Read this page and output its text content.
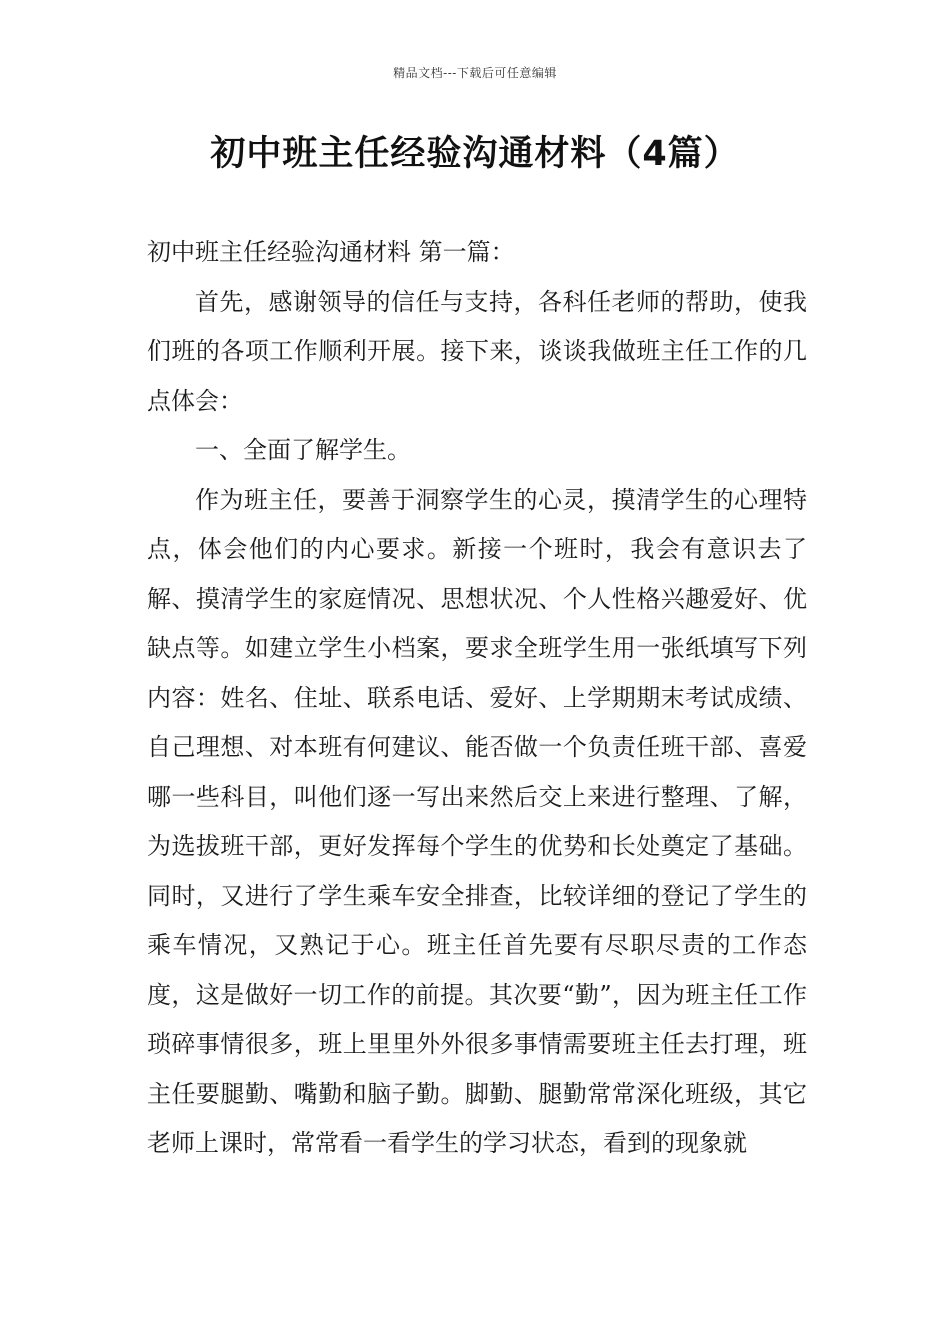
精品文档---下载后可任意编辑
初中班主任经验沟通材料（4篇）

初中班主任经验沟通材料 第一篇：

首先，感谢领导的信任与支持，各科任老师的帮助，使我们班的各项工作顺利开展。接下来，谈谈我做班主任工作的几点体会：

一、全面了解学生。

作为班主任，要善于洞察学生的心灵，摸清学生的心理特点，体会他们的内心要求。新接一个班时，我会有意识去了解、摸清学生的家庭情况、思想状况、个人性格兴趣爱好、优缺点等。如建立学生小档案，要求全班学生用一张纸填写下列内容：姓名、住址、联系电话、爱好、上学期期末考试成绩、自己理想、对本班有何建议、能否做一个负责任班干部、喜爱哪一些科目，叫他们逐一写出来然后交上来进行整理、了解，为选拔班干部，更好发挥每个学生的优势和长处奠定了基础。同时，又进行了学生乘车安全排查，比较详细的登记了学生的乘车情况，又熟记于心。班主任首先要有尽职尽责的工作态度，这是做好一切工作的前提。其次要“勤”，因为班主任工作琐碎事情很多，班上里里外外很多事情需要班主任去打理，班主任要腿勤、嘴勤和脑子勤。脚勤、腿勤常常深化班级，其它老师上课时，常常看一看学生的学习状态，看到的现象就
